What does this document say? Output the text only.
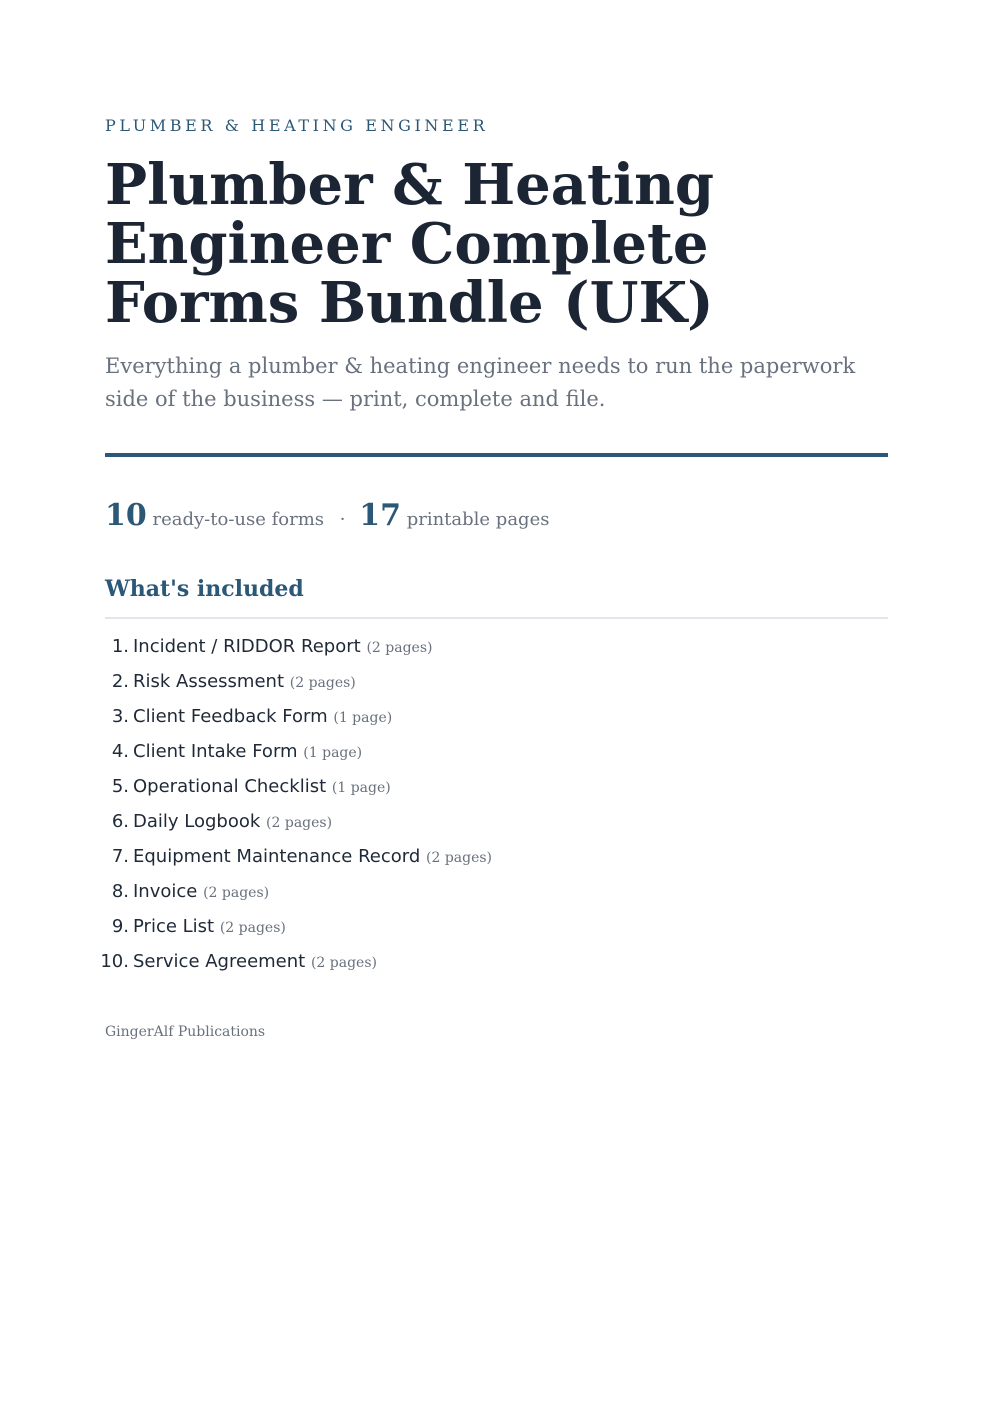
PLUMBER & HEATING ENGINEER
Plumber & Heating Engineer Complete Forms Bundle (UK)

Everything a plumber & heating engineer needs to run the paperwork side of the business — print, complete and file.

10 ready-to-use forms · 17 printable pages
What's included
1. Incident / RIDDOR Report (2 pages)
2. Risk Assessment (2 pages)
3. Client Feedback Form (1 page)
4. Client Intake Form (1 page)
5. Operational Checklist (1 page)
6. Daily Logbook (2 pages)
7. Equipment Maintenance Record (2 pages)
8. Invoice (2 pages)
9. Price List (2 pages)
10. Service Agreement (2 pages)
GingerAlf Publications
